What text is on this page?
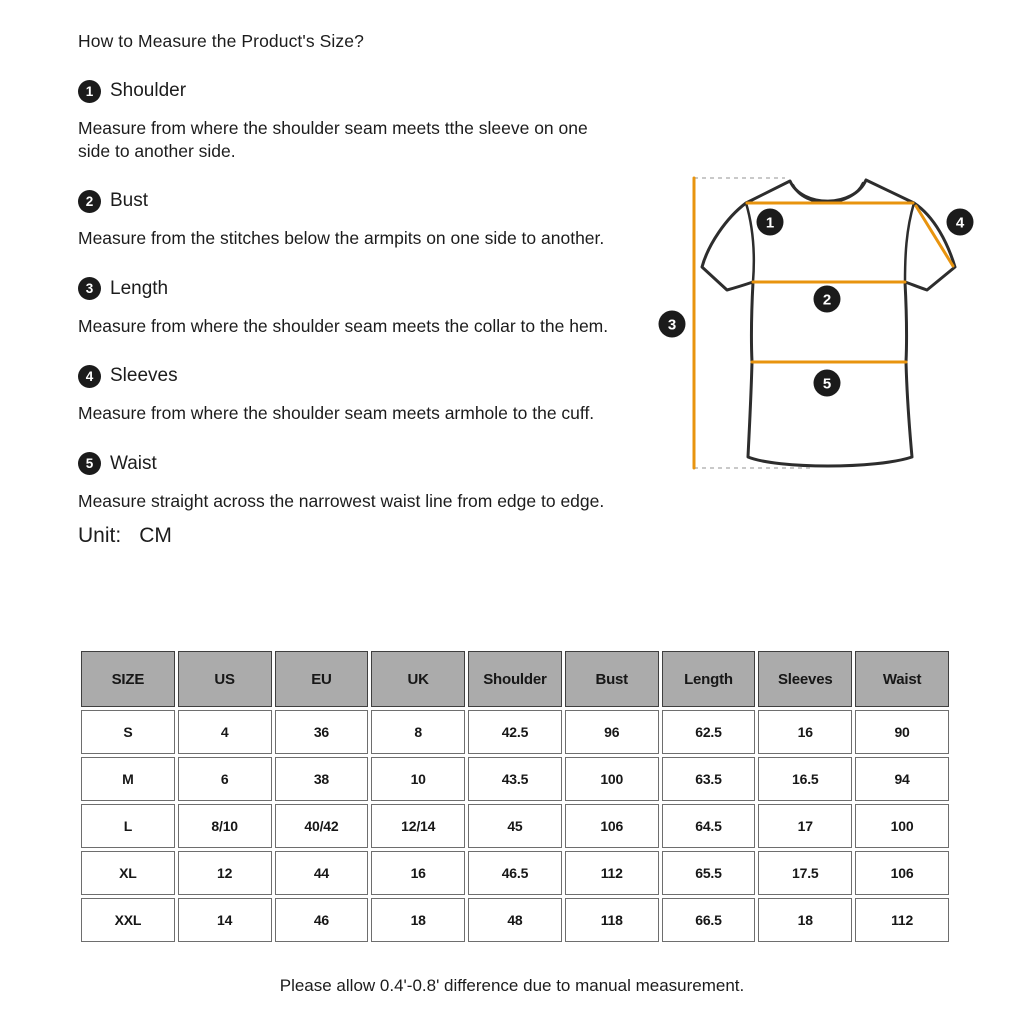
How to Measure the Product's Size?
1 Shoulder

Measure from where the shoulder seam meets tthe sleeve on one side to another side.

2 Bust

Measure from the stitches below the armpits on one side to another.

3 Length

Measure from where the shoulder seam meets the collar to the hem.

4 Sleeves

Measure from where the shoulder seam meets armhole to the cuff.

5 Waist

Measure straight across the narrowest waist line from edge to edge.

Unit: CM
1
2
3
4
5
SIZE	US	EU	UK	Shoulder	Bust	Length	Sleeves	Waist
S	4	36	8	42.5	96	62.5	16	90
M	6	38	10	43.5	100	63.5	16.5	94
L	8/10	40/42	12/14	45	106	64.5	17	100
XL	12	44	16	46.5	112	65.5	17.5	106
XXL	14	46	18	48	118	66.5	18	112

Please allow 0.4'-0.8' difference due to manual measurement.
